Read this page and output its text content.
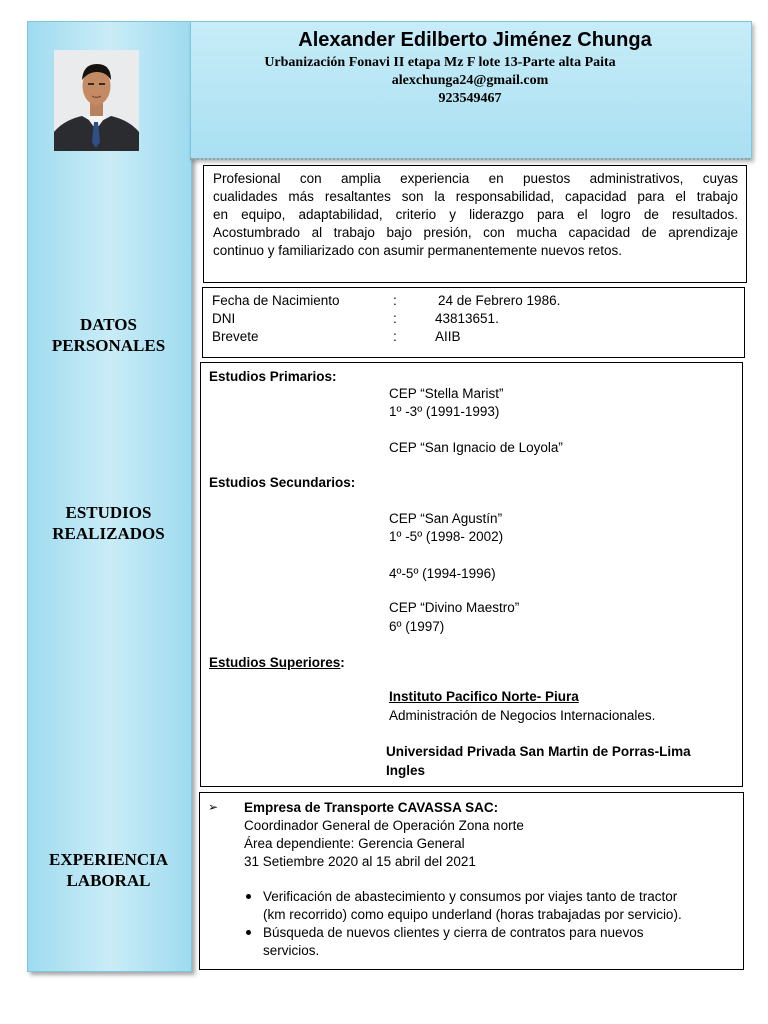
Alexander Edilberto Jiménez Chunga
Urbanización Fonavi II etapa Mz F lote 13-Parte alta Paita
alexchunga24@gmail.com
923549467
DATOS
PERSONALES
ESTUDIOS
REALIZADOS
EXPERIENCIA
LABORAL
Profesional con amplia experiencia en puestos administrativos, cuyas
cualidades más resaltantes son la responsabilidad, capacidad para el trabajo
en equipo, adaptabilidad, criterio y liderazgo para el logro de resultados.
Acostumbrado al trabajo bajo presión, con mucha capacidad de aprendizaje
continuo y familiarizado con asumir permanentemente nuevos retos.
Fecha de Nacimiento	:	24 de Febrero 1986.
DNI	:	43813651.
Brevete	:	AIIB
Estudios Primarios:
CEP “Stella Marist”
1º -3º (1991-1993)
CEP “San Ignacio de Loyola”
Estudios Secundarios:
CEP “San Agustín”
1º -5º (1998- 2002)
4º-5º (1994-1996)
CEP “Divino Maestro”
6º (1997)
Estudios Superiores:
Instituto Pacifico Norte- Piura
Administración de Negocios Internacionales.
Universidad Privada San Martin de Porras-Lima
Ingles
➢ Empresa de Transporte CAVASSA SAC:
Coordinador General de Operación Zona norte
Área dependiente: Gerencia General
31 Setiembre 2020 al 15 abril del 2021
Verificación de abastecimiento y consumos por viajes tanto de tractor
(km recorrido) como equipo underland (horas trabajadas por servicio).
Búsqueda de nuevos clientes y cierra de contratos para nuevos
servicios.
